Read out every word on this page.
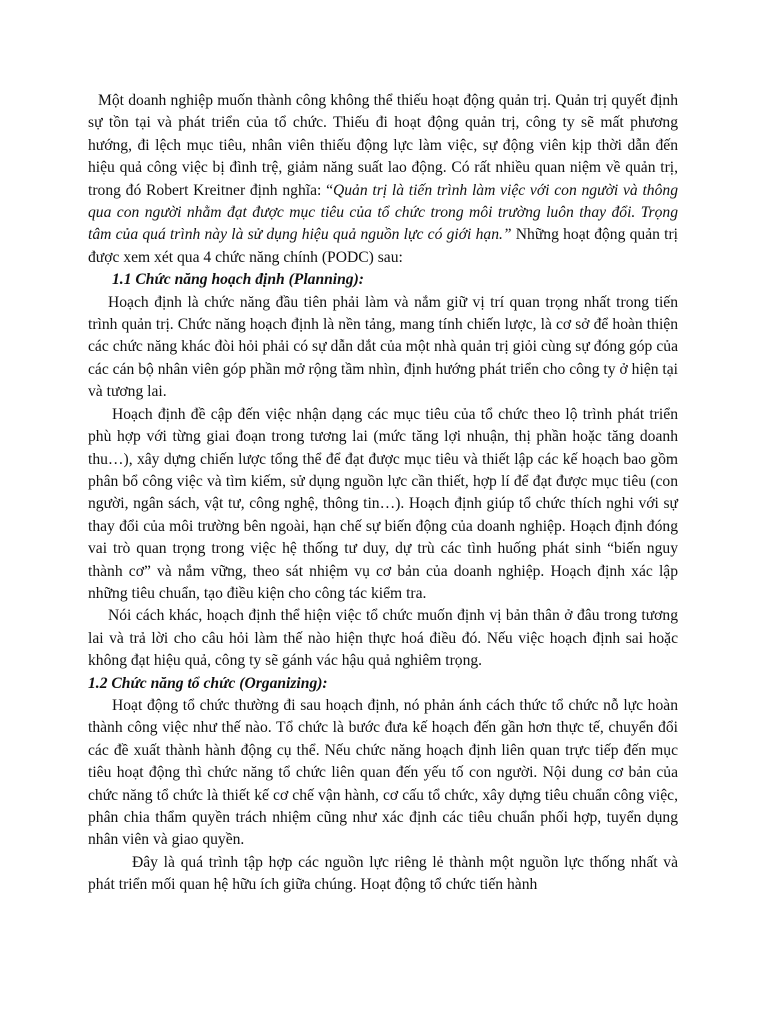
Một doanh nghiệp muốn thành công không thể thiếu hoạt động quản trị. Quản trị quyết định sự tồn tại và phát triển của tổ chức. Thiếu đi hoạt động quản trị, công ty sẽ mất phương hướng, đi lệch mục tiêu, nhân viên thiếu động lực làm việc, sự động viên kịp thời dẫn đến hiệu quả công việc bị đình trệ, giảm năng suất lao động. Có rất nhiều quan niệm về quản trị, trong đó Robert Kreitner định nghĩa: “Quản trị là tiến trình làm việc với con người và thông qua con người nhằm đạt được mục tiêu của tổ chức trong môi trường luôn thay đổi. Trọng tâm của quá trình này là sử dụng hiệu quả nguồn lực có giới hạn.” Những hoạt động quản trị được xem xét qua 4 chức năng chính (PODC) sau:

1.1 Chức năng hoạch định (Planning):

Hoạch định là chức năng đầu tiên phải làm và nắm giữ vị trí quan trọng nhất trong tiến trình quản trị. Chức năng hoạch định là nền tảng, mang tính chiến lược, là cơ sở để hoàn thiện các chức năng khác đòi hỏi phải có sự dẫn dắt của một nhà quản trị giỏi cùng sự đóng góp của các cán bộ nhân viên góp phần mở rộng tầm nhìn, định hướng phát triển cho công ty ở hiện tại và tương lai.

Hoạch định đề cập đến việc nhận dạng các mục tiêu của tổ chức theo lộ trình phát triển phù hợp với từng giai đoạn trong tương lai (mức tăng lợi nhuận, thị phần hoặc tăng doanh thu…), xây dựng chiến lược tổng thể để đạt được mục tiêu và thiết lập các kế hoạch bao gồm phân bổ công việc và tìm kiếm, sử dụng nguồn lực cần thiết, hợp lí để đạt được mục tiêu (con người, ngân sách, vật tư, công nghệ, thông tin…). Hoạch định giúp tổ chức thích nghi với sự thay đổi của môi trường bên ngoài, hạn chế sự biến động của doanh nghiệp. Hoạch định đóng vai trò quan trọng trong việc hệ thống tư duy, dự trù các tình huống phát sinh “biến nguy thành cơ” và nắm vững, theo sát nhiệm vụ cơ bản của doanh nghiệp. Hoạch định xác lập những tiêu chuẩn, tạo điều kiện cho công tác kiểm tra.

Nói cách khác, hoạch định thể hiện việc tổ chức muốn định vị bản thân ở đâu trong tương lai và trả lời cho câu hỏi làm thế nào hiện thực hoá điều đó. Nếu việc hoạch định sai hoặc không đạt hiệu quả, công ty sẽ gánh vác hậu quả nghiêm trọng.

1.2 Chức năng tổ chức (Organizing):

Hoạt động tổ chức thường đi sau hoạch định, nó phản ánh cách thức tổ chức nỗ lực hoàn thành công việc như thế nào. Tổ chức là bước đưa kế hoạch đến gần hơn thực tế, chuyển đổi các đề xuất thành hành động cụ thể. Nếu chức năng hoạch định liên quan trực tiếp đến mục tiêu hoạt động thì chức năng tổ chức liên quan đến yếu tố con người. Nội dung cơ bản của chức năng tổ chức là thiết kế cơ chế vận hành, cơ cấu tổ chức, xây dựng tiêu chuẩn công việc, phân chia thẩm quyền trách nhiệm cũng như xác định các tiêu chuẩn phối hợp, tuyển dụng nhân viên và giao quyền.

Đây là quá trình tập hợp các nguồn lực riêng lẻ thành một nguồn lực thống nhất và phát triển mối quan hệ hữu ích giữa chúng. Hoạt động tổ chức tiến hành
